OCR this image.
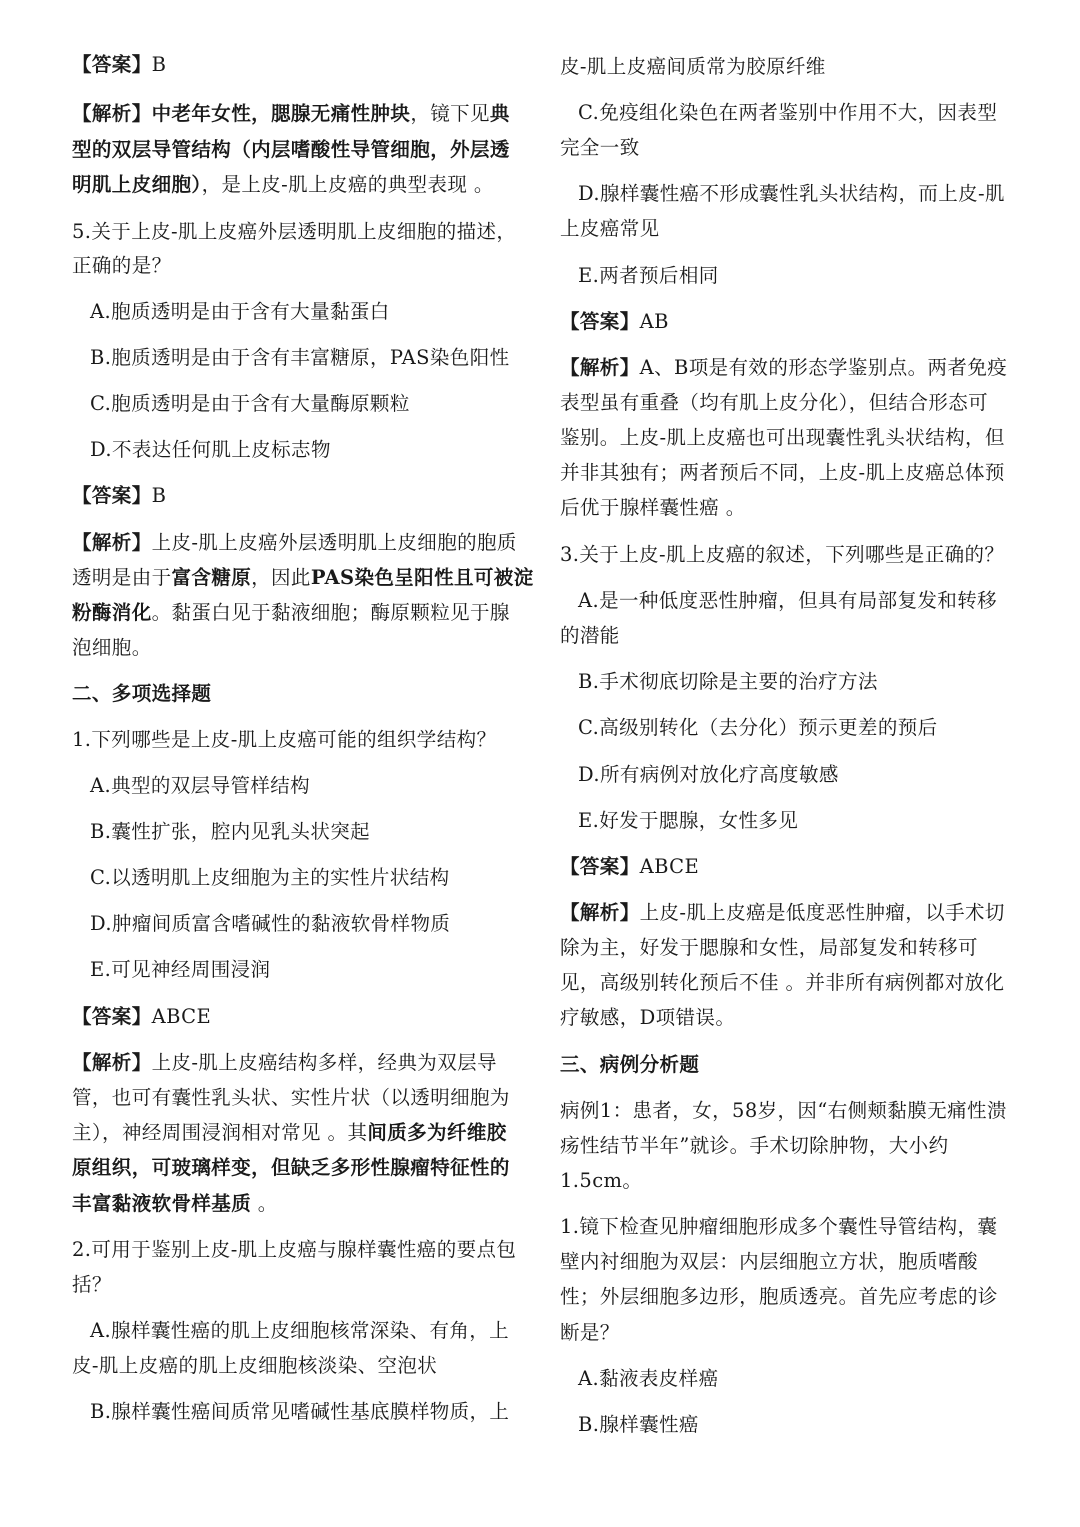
【答案】B
【解析】中老年女性，腮腺无痛性肿块，镜下见典
型的双层导管结构（内层嗜酸性导管细胞，外层透
明肌上皮细胞），是上皮-肌上皮癌的典型表现 。
5.关于上皮-肌上皮癌外层透明肌上皮细胞的描述，
正确的是？
A.胞质透明是由于含有大量黏蛋白
B.胞质透明是由于含有丰富糖原，PAS染色阳性
C.胞质透明是由于含有大量酶原颗粒
D.不表达任何肌上皮标志物
【答案】B
【解析】上皮-肌上皮癌外层透明肌上皮细胞的胞质
透明是由于富含糖原，因此PAS染色呈阳性且可被淀
粉酶消化。黏蛋白见于黏液细胞；酶原颗粒见于腺
泡细胞。
二、多项选择题
1.下列哪些是上皮-肌上皮癌可能的组织学结构？
A.典型的双层导管样结构
B.囊性扩张，腔内见乳头状突起
C.以透明肌上皮细胞为主的实性片状结构
D.肿瘤间质富含嗜碱性的黏液软骨样物质
E.可见神经周围浸润
【答案】ABCE
【解析】上皮-肌上皮癌结构多样，经典为双层导
管，也可有囊性乳头状、实性片状（以透明细胞为
主），神经周围浸润相对常见 。其间质多为纤维胶
原组织，可玻璃样变，但缺乏多形性腺瘤特征性的
丰富黏液软骨样基质 。
2.可用于鉴别上皮-肌上皮癌与腺样囊性癌的要点包
括？
A.腺样囊性癌的肌上皮细胞核常深染、有角，上
皮-肌上皮癌的肌上皮细胞核淡染、空泡状
B.腺样囊性癌间质常见嗜碱性基底膜样物质，上
皮-肌上皮癌间质常为胶原纤维
C.免疫组化染色在两者鉴别中作用不大，因表型
完全一致
D.腺样囊性癌不形成囊性乳头状结构，而上皮-肌
上皮癌常见
E.两者预后相同
【答案】AB
【解析】A、B项是有效的形态学鉴别点。两者免疫
表型虽有重叠（均有肌上皮分化），但结合形态可
鉴别。上皮-肌上皮癌也可出现囊性乳头状结构，但
并非其独有；两者预后不同，上皮-肌上皮癌总体预
后优于腺样囊性癌 。
3.关于上皮-肌上皮癌的叙述，下列哪些是正确的？
A.是一种低度恶性肿瘤，但具有局部复发和转移
的潜能
B.手术彻底切除是主要的治疗方法
C.高级别转化（去分化）预示更差的预后
D.所有病例对放化疗高度敏感
E.好发于腮腺，女性多见
【答案】ABCE
【解析】上皮-肌上皮癌是低度恶性肿瘤，以手术切
除为主，好发于腮腺和女性，局部复发和转移可
见，高级别转化预后不佳 。并非所有病例都对放化
疗敏感，D项错误。
三、病例分析题
病例1：患者，女，58岁，因“右侧颊黏膜无痛性溃
疡性结节半年”就诊。手术切除肿物，大小约
1.5cm。
1.镜下检查见肿瘤细胞形成多个囊性导管结构，囊
壁内衬细胞为双层：内层细胞立方状，胞质嗜酸
性；外层细胞多边形，胞质透亮。首先应考虑的诊
断是？
A.黏液表皮样癌
B.腺样囊性癌
